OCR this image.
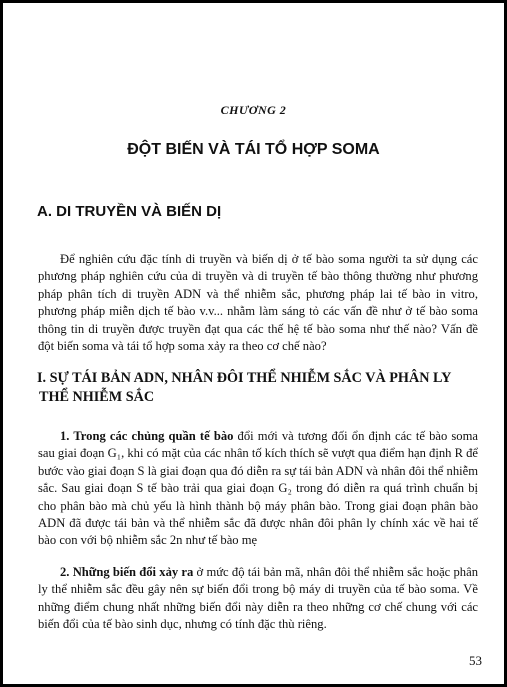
CHƯƠNG 2
ĐỘT BIẾN VÀ TÁI TỔ HỢP SOMA
A. DI TRUYỀN VÀ BIẾN DỊ

Để nghiên cứu đặc tính di truyền và biến dị ở tế bào soma người ta sử dụng các phương pháp nghiên cứu của di truyền và di truyền tế bào thông thường như phương pháp phân tích di truyền ADN và thể nhiễm sắc, phương pháp lai tế bào in vitro, phương pháp miễn dịch tế bào v.v... nhằm làm sáng tỏ các vấn đề như ở tế bào soma thông tin di truyền được truyền đạt qua các thế hệ tế bào soma như thế nào? Vấn đề đột biến soma và tái tổ hợp soma xảy ra theo cơ chế nào?

I. SỰ TÁI BẢN ADN, NHÂN ĐÔI THỂ NHIỄM SẮC VÀ PHÂN LY
THỂ NHIỄM SẮC

1. Trong các chủng quần tế bào đổi mới và tương đối ổn định các tế bào soma sau giai đoạn G₁, khi có mặt của các nhân tố kích thích sẽ vượt qua điểm hạn định R để bước vào giai đoạn S là giai đoạn qua đó diễn ra sự tái bản ADN và nhân đôi thể nhiễm sắc. Sau giai đoạn S tế bào trải qua giai đoạn G₂ trong đó diễn ra quá trình chuẩn bị cho phân bào mà chủ yếu là hình thành bộ máy phân bào. Trong giai đoạn phân bào ADN đã được tái bản và thể nhiễm sắc đã được nhân đôi phân ly chính xác về hai tế bào con với bộ nhiễm sắc 2n như tế bào mẹ

2. Những biến đổi xảy ra ở mức độ tái bản mã, nhân đôi thể nhiễm sắc hoặc phân ly thể nhiễm sắc đều gây nên sự biến đổi trong bộ máy di truyền của tế bào soma. Về những điểm chung nhất những biến đổi này diễn ra theo những cơ chế chung với các biến đổi của tế bào sinh dục, nhưng có tính đặc thù riêng.

53
